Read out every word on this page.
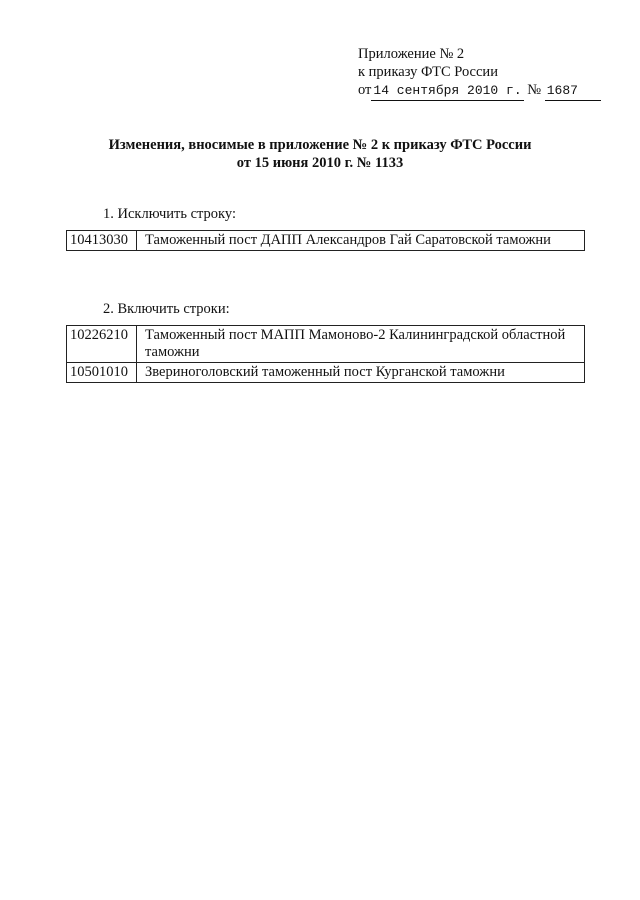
Приложение № 2
к приказу ФТС России
от 14 сентября 2010 г. № 1687
Изменения, вносимые в приложение № 2 к приказу ФТС России
от 15 июня 2010 г. № 1133
1. Исключить строку:
10413030	Таможенный пост ДАПП Александров Гай Саратовской таможни
2. Включить строки:
10226210	Таможенный пост МАПП Мамоново-2 Калининградской областной таможни
10501010	Звериноголовский таможенный пост Курганской таможни
